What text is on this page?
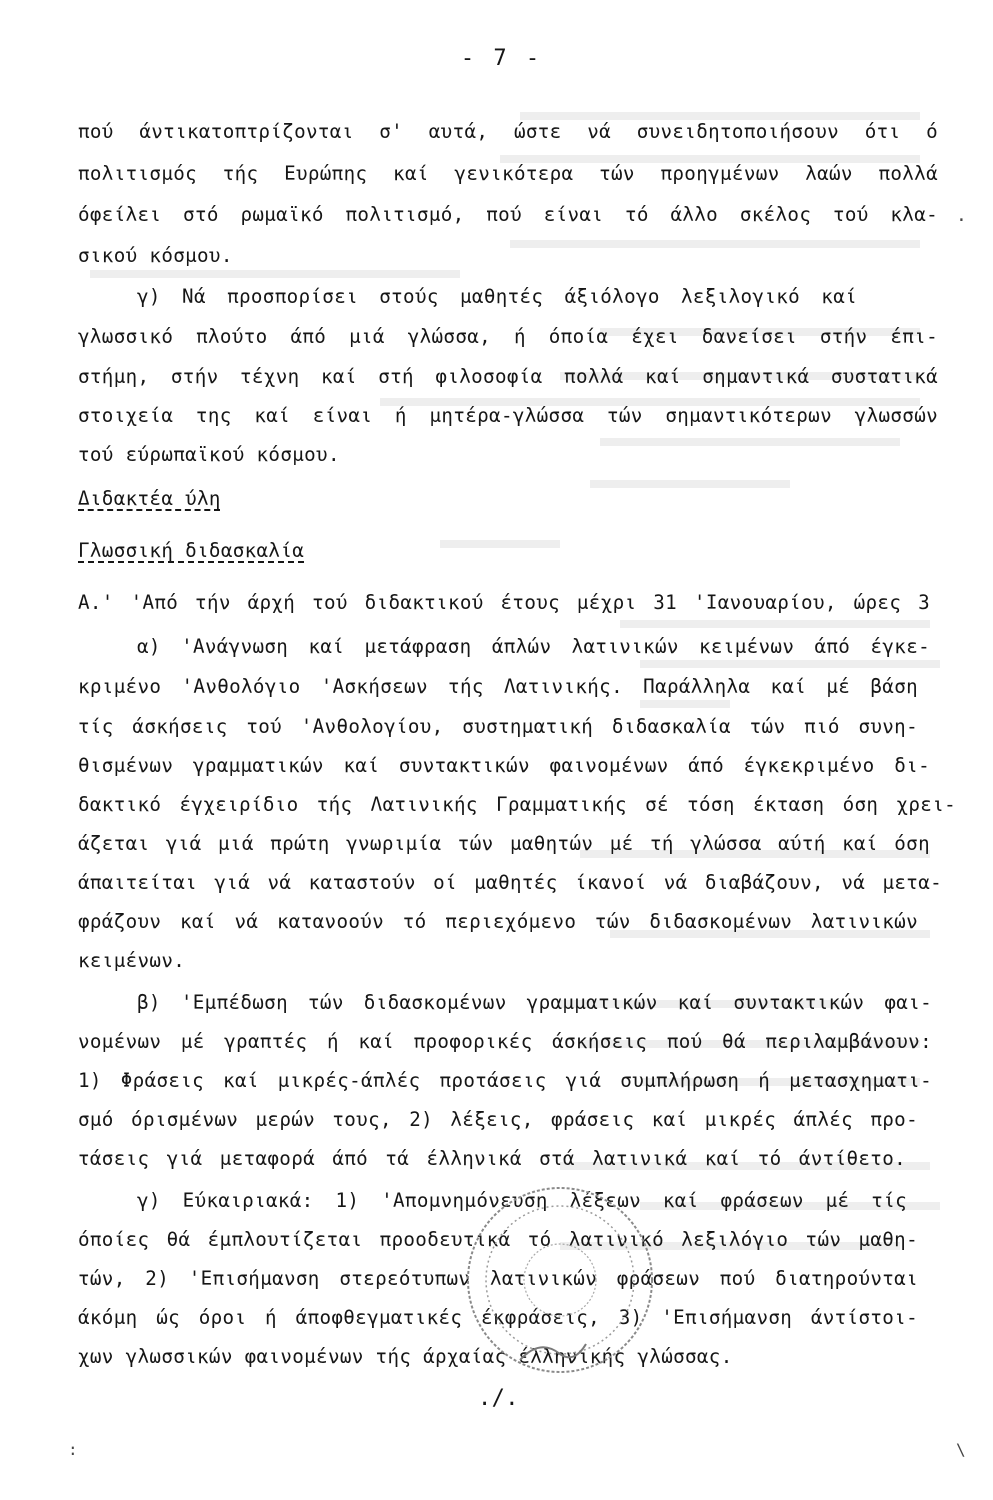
- 7 -
πού άντικατοπτρίζονται σ' αυτά, ώστε νά συνειδητοποιήσουν ότι ό
πολιτισμός τής Ευρώπης καί γενικότερα τών προηγμένων λαών πολλά
όφείλει στό ρωμαϊκό πολιτισμό, πού είναι τό άλλο σκέλος τού κλα-
σικού κόσμου.
γ) Νά προσπορίσει στούς μαθητές άξιόλογο λεξιλογικό καί
γλωσσικό πλούτο άπό μιά γλώσσα, ή όποία έχει δανείσει στήν έπι-
στήμη, στήν τέχνη καί στή φιλοσοφία πολλά καί σημαντικά συστατικά
στοιχεία της καί είναι ή μητέρα-γλώσσα τών σημαντικότερων γλωσσών
τού εύρωπαϊκού κόσμου.
Διδακτέα ύλη
Γλωσσική διδασκαλία
Α.' 'Από τήν άρχή τού διδακτικού έτους μέχρι 31 'Ιανουαρίου, ώρες 3
α) 'Ανάγνωση καί μετάφραση άπλών λατινικών κειμένων άπό έγκε-
κριμένο 'Ανθολόγιο 'Ασκήσεων τής Λατινικής. Παράλληλα καί μέ βάση
τίς άσκήσεις τού 'Ανθολογίου, συστηματική διδασκαλία τών πιό συνη-
θισμένων γραμματικών καί συντακτικών φαινομένων άπό έγκεκριμένο δι-
δακτικό έγχειρίδιο τής Λατινικής Γραμματικής σέ τόση έκταση όση χρει-
άζεται γιά μιά πρώτη γνωριμία τών μαθητών μέ τή γλώσσα αύτή καί όση
άπαιτείται γιά νά καταστούν οί μαθητές ίκανοί νά διαβάζουν, νά μετα-
φράζουν καί νά κατανοούν τό περιεχόμενο τών διδασκομένων λατινικών
κειμένων.
β) 'Εμπέδωση τών διδασκομένων γραμματικών καί συντακτικών φαι-
νομένων μέ γραπτές ή καί προφορικές άσκήσεις πού θά περιλαμβάνουν:
1) Φράσεις καί μικρές-άπλές προτάσεις γιά συμπλήρωση ή μετασχηματι-
σμό όρισμένων μερών τους, 2) λέξεις, φράσεις καί μικρές άπλές προ-
τάσεις γιά μεταφορά άπό τά έλληνικά στά λατινικά καί τό άντίθετο.
γ) Εύκαιριακά: 1) 'Απομνημόνευση λέξεων καί φράσεων μέ τίς
όποίες θά έμπλουτίζεται προοδευτικά τό λατινικό λεξιλόγιο τών μαθη-
τών, 2) 'Επισήμανση στερεότυπων λατινικών φράσεων πού διατηρούνται
άκόμη ώς όροι ή άποφθεγματικές έκφράσεις, 3) 'Επισήμανση άντίστοι-
χων γλωσσικών φαινομένων τής άρχαίας έλληνικής γλώσσας.
./.
.
\
:
